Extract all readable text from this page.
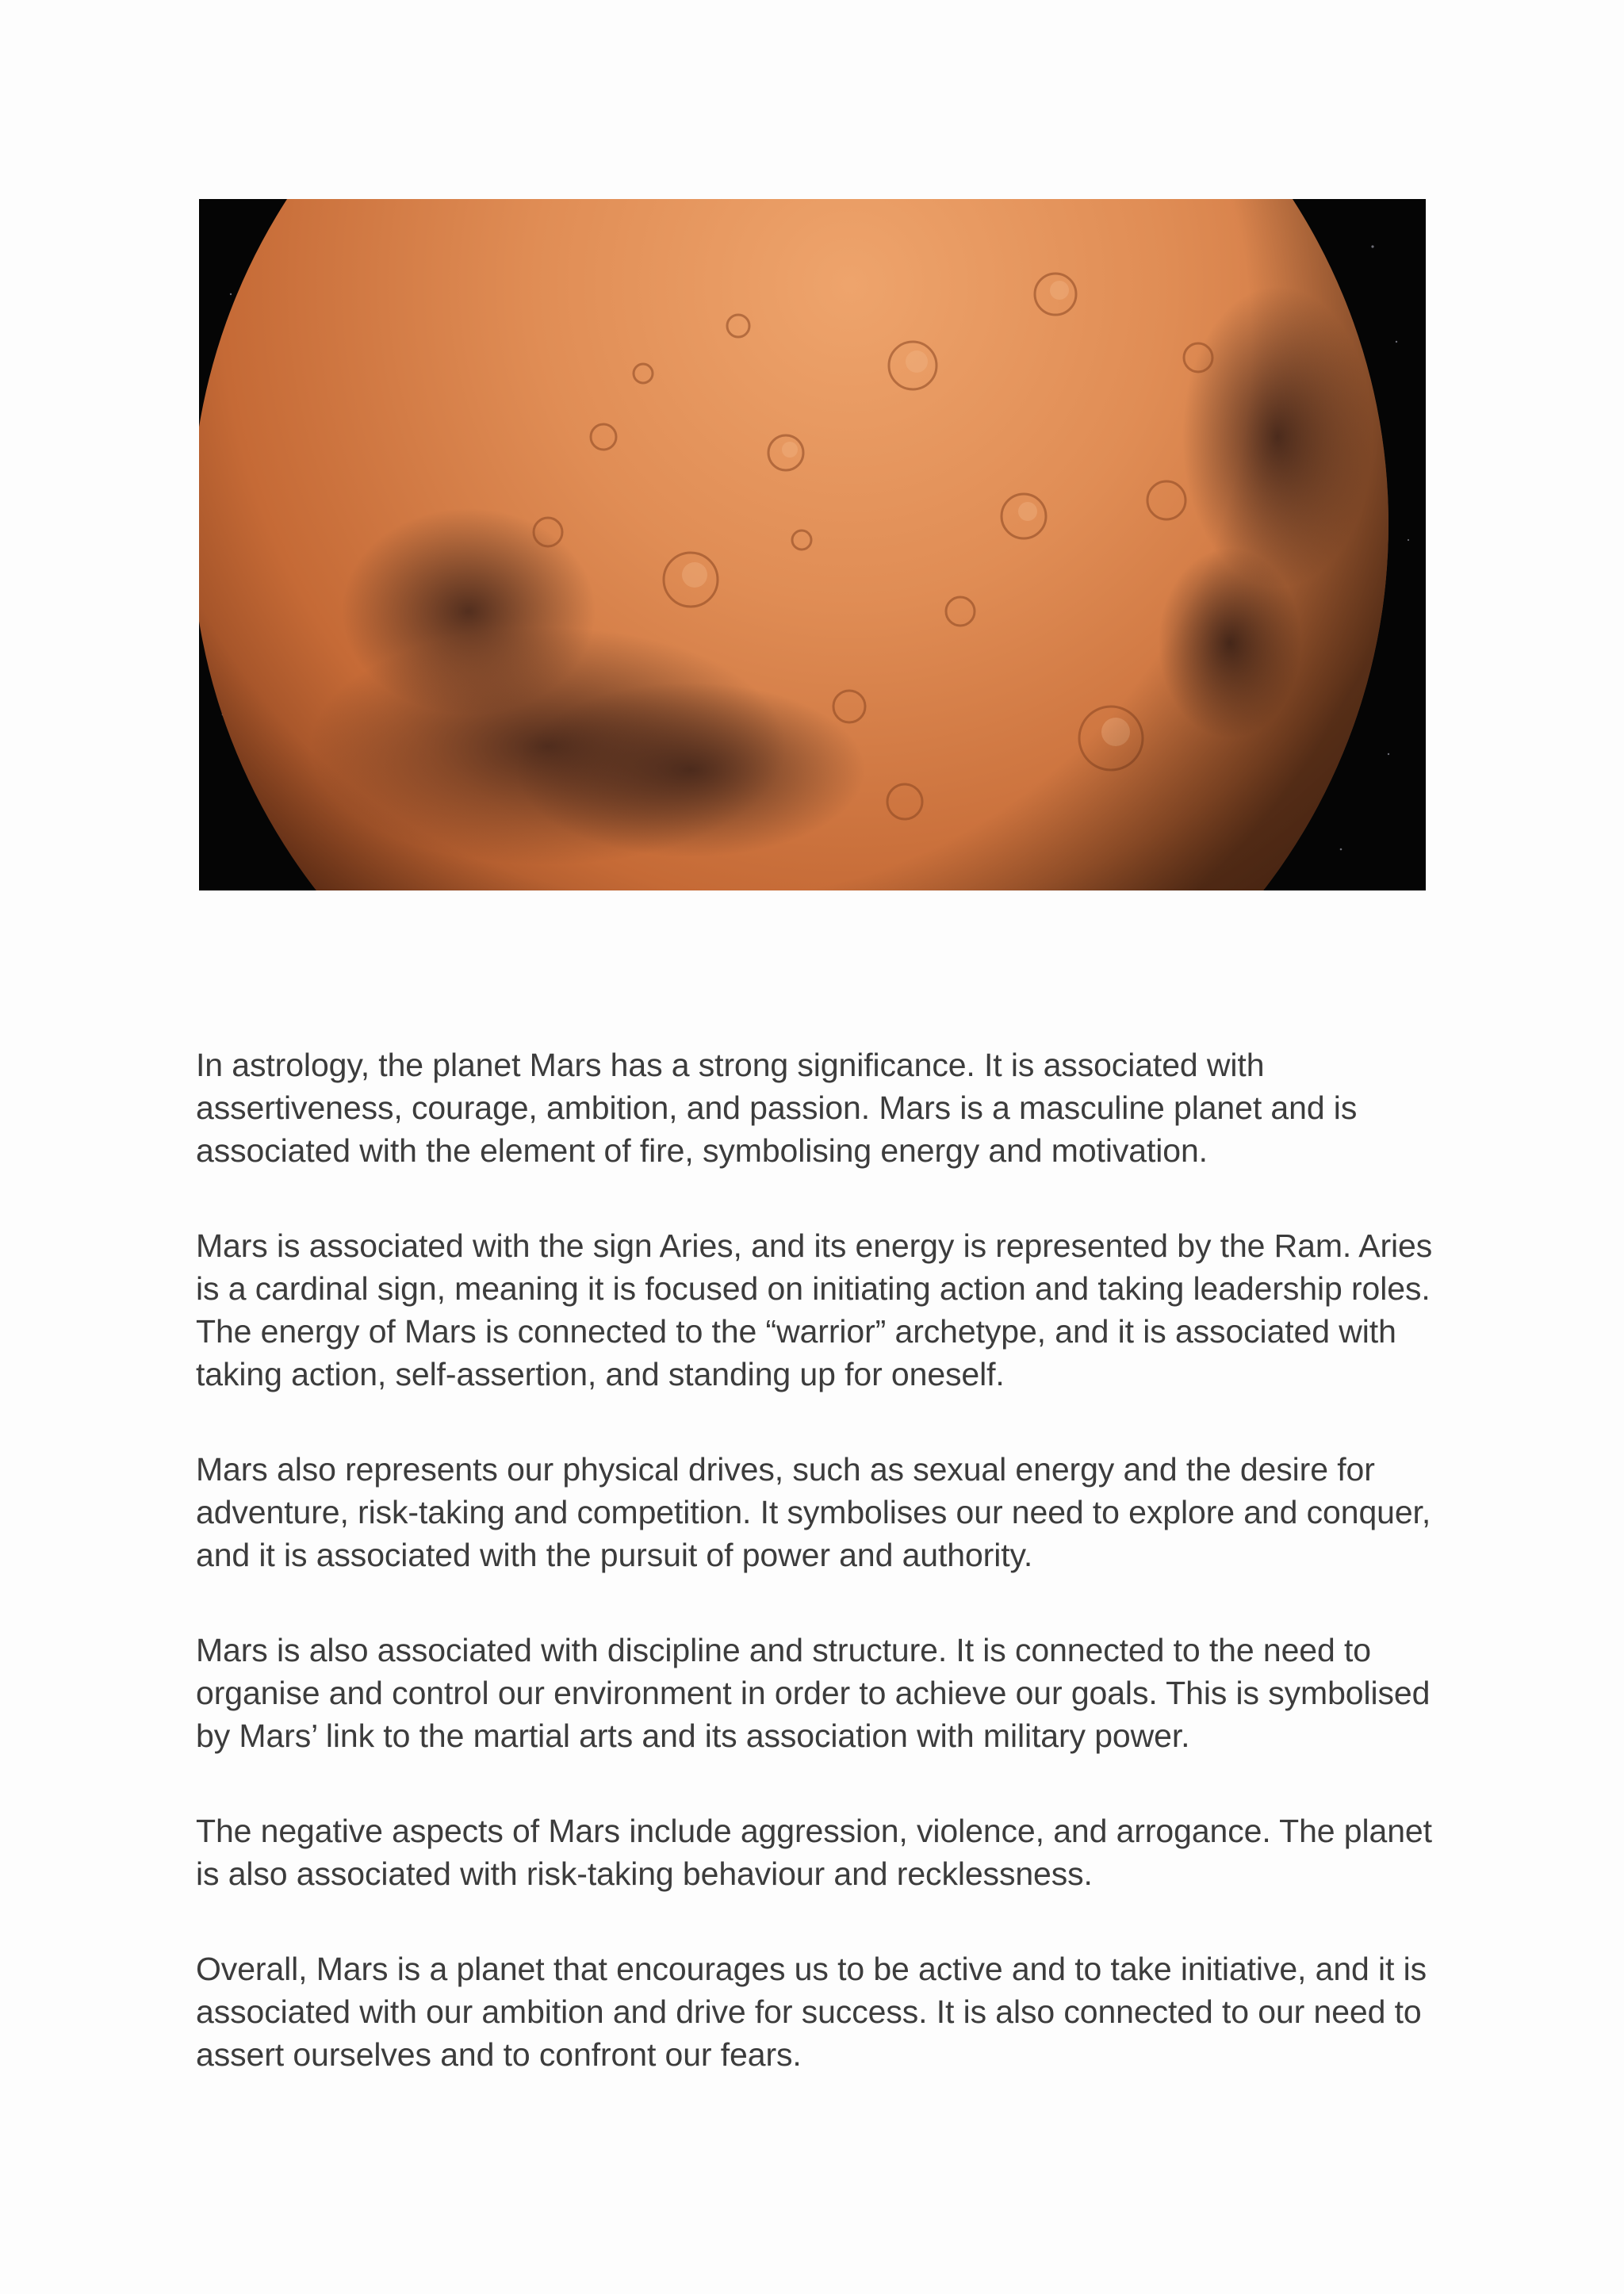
In astrology, the planet Mars has a strong significance. It is associated with assertiveness, courage, ambition, and passion. Mars is a masculine planet and is associated with the element of fire, symbolising energy and motivation.

Mars is associated with the sign Aries, and its energy is represented by the Ram. Aries is a cardinal sign, meaning it is focused on initiating action and taking leadership roles. The energy of Mars is connected to the “warrior” archetype, and it is associated with taking action, self-assertion, and standing up for oneself.

Mars also represents our physical drives, such as sexual energy and the desire for adventure, risk-taking and competition. It symbolises our need to explore and conquer, and it is associated with the pursuit of power and authority.

Mars is also associated with discipline and structure. It is connected to the need to organise and control our environment in order to achieve our goals. This is symbolised by Mars’ link to the martial arts and its association with military power.

The negative aspects of Mars include aggression, violence, and arrogance. The planet is also associated with risk-taking behaviour and recklessness.

Overall, Mars is a planet that encourages us to be active and to take initiative, and it is associated with our ambition and drive for success. It is also connected to our need to assert ourselves and to confront our fears.
